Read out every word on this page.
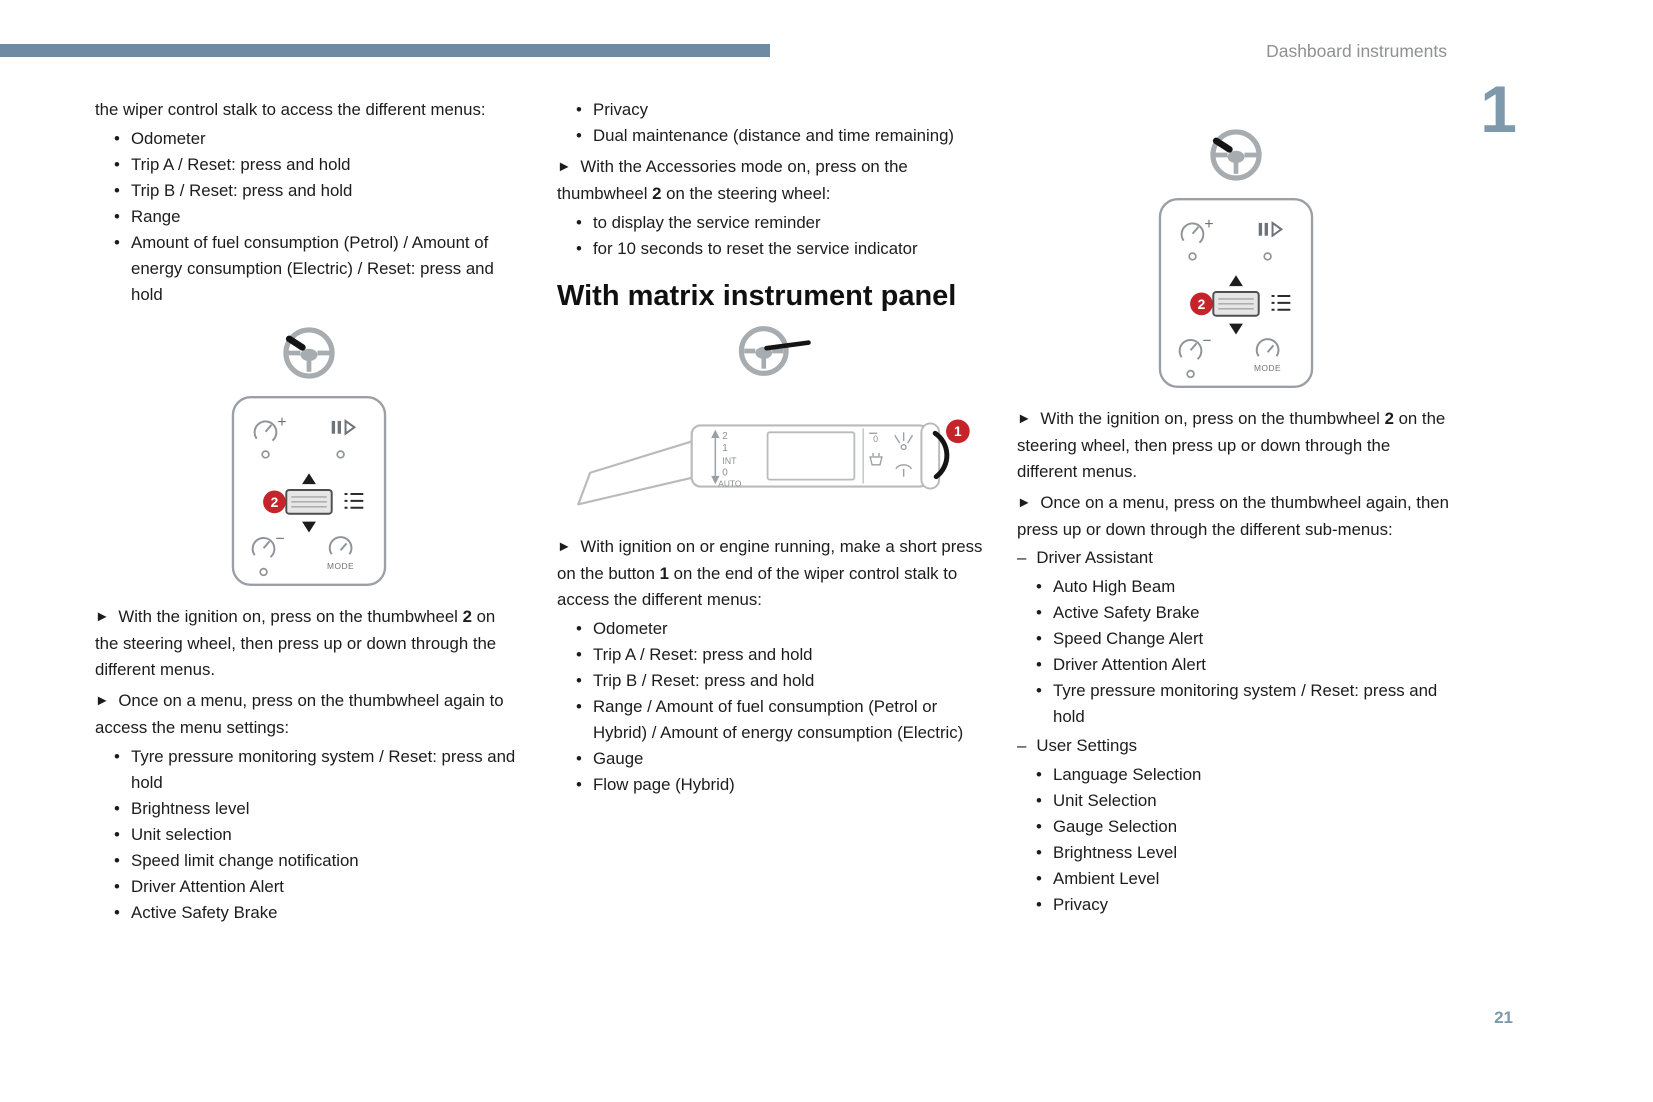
Dashboard instruments
1
21

the wiper control stalk to access the different menus:

• Odometer
• Trip A / Reset: press and hold
• Trip B / Reset: press and hold
• Range
• Amount of fuel consumption (Petrol) / Amount of energy consumption (Electric) / Reset: press and hold
+
2
−
MODE

► With the ignition on, press on the thumbwheel 2 on the steering wheel, then press up or down through the different menus.

► Once on a menu, press on the thumbwheel again to access the menu settings:

• Tyre pressure monitoring system / Reset: press and hold
• Brightness level
• Unit selection
• Speed limit change notification
• Driver Attention Alert
• Active Safety Brake
• Privacy
• Dual maintenance (distance and time remaining)

► With the Accessories mode on, press on the thumbwheel 2 on the steering wheel:

• to display the service reminder
• for 10 seconds to reset the service indicator
With matrix instrument panel
2
1
INT
0
AUTO
0	1

► With ignition on or engine running, make a short press on the button 1 on the end of the wiper control stalk to access the different menus:

• Odometer
• Trip A / Reset: press and hold
• Trip B / Reset: press and hold
• Range / Amount of fuel consumption (Petrol or Hybrid) / Amount of energy consumption (Electric)
• Gauge
• Flow page (Hybrid)
+
2
−
MODE

► With the ignition on, press on the thumbwheel 2 on the steering wheel, then press up or down through the different menus.

► Once on a menu, press on the thumbwheel again, then press up or down through the different sub-menus:

– Driver Assistant

• Auto High Beam
• Active Safety Brake
• Speed Change Alert
• Driver Attention Alert
• Tyre pressure monitoring system / Reset: press and hold

– User Settings

• Language Selection
• Unit Selection
• Gauge Selection
• Brightness Level
• Ambient Level
• Privacy
